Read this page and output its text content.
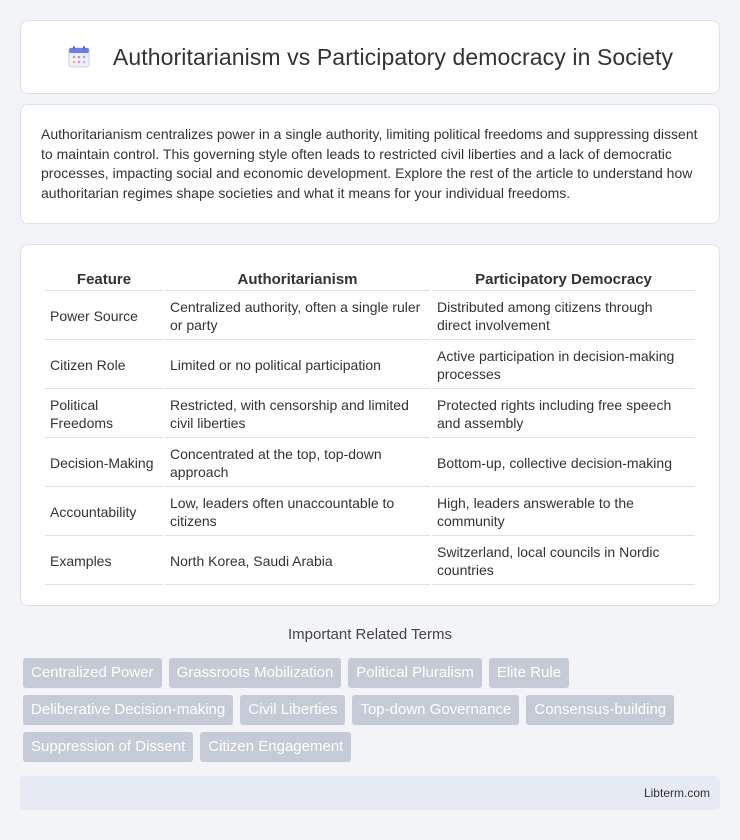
Authoritarianism vs Participatory democracy in Society

Authoritarianism centralizes power in a single authority, limiting political freedoms and suppressing dissent to maintain control. This governing style often leads to restricted civil liberties and a lack of democratic processes, impacting social and economic development. Explore the rest of the article to understand how authoritarian regimes shape societies and what it means for your individual freedoms.

Feature	Authoritarianism	Participatory Democracy
Power Source	Centralized authority, often a single ruler or party	Distributed among citizens through direct involvement
Citizen Role	Limited or no political participation	Active participation in decision-making processes
Political Freedoms	Restricted, with censorship and limited civil liberties	Protected rights including free speech and assembly
Decision-Making	Concentrated at the top, top-down approach	Bottom-up, collective decision-making
Accountability	Low, leaders often unaccountable to citizens	High, leaders answerable to the community
Examples	North Korea, Saudi Arabia	Switzerland, local councils in Nordic countries
Important Related Terms
Centralized Power	Grassroots Mobilization	Political Pluralism	Elite Rule
Deliberative Decision-making	Civil Liberties	Top-down Governance	Consensus-building
Suppression of Dissent	Citizen Engagement
Libterm.com
